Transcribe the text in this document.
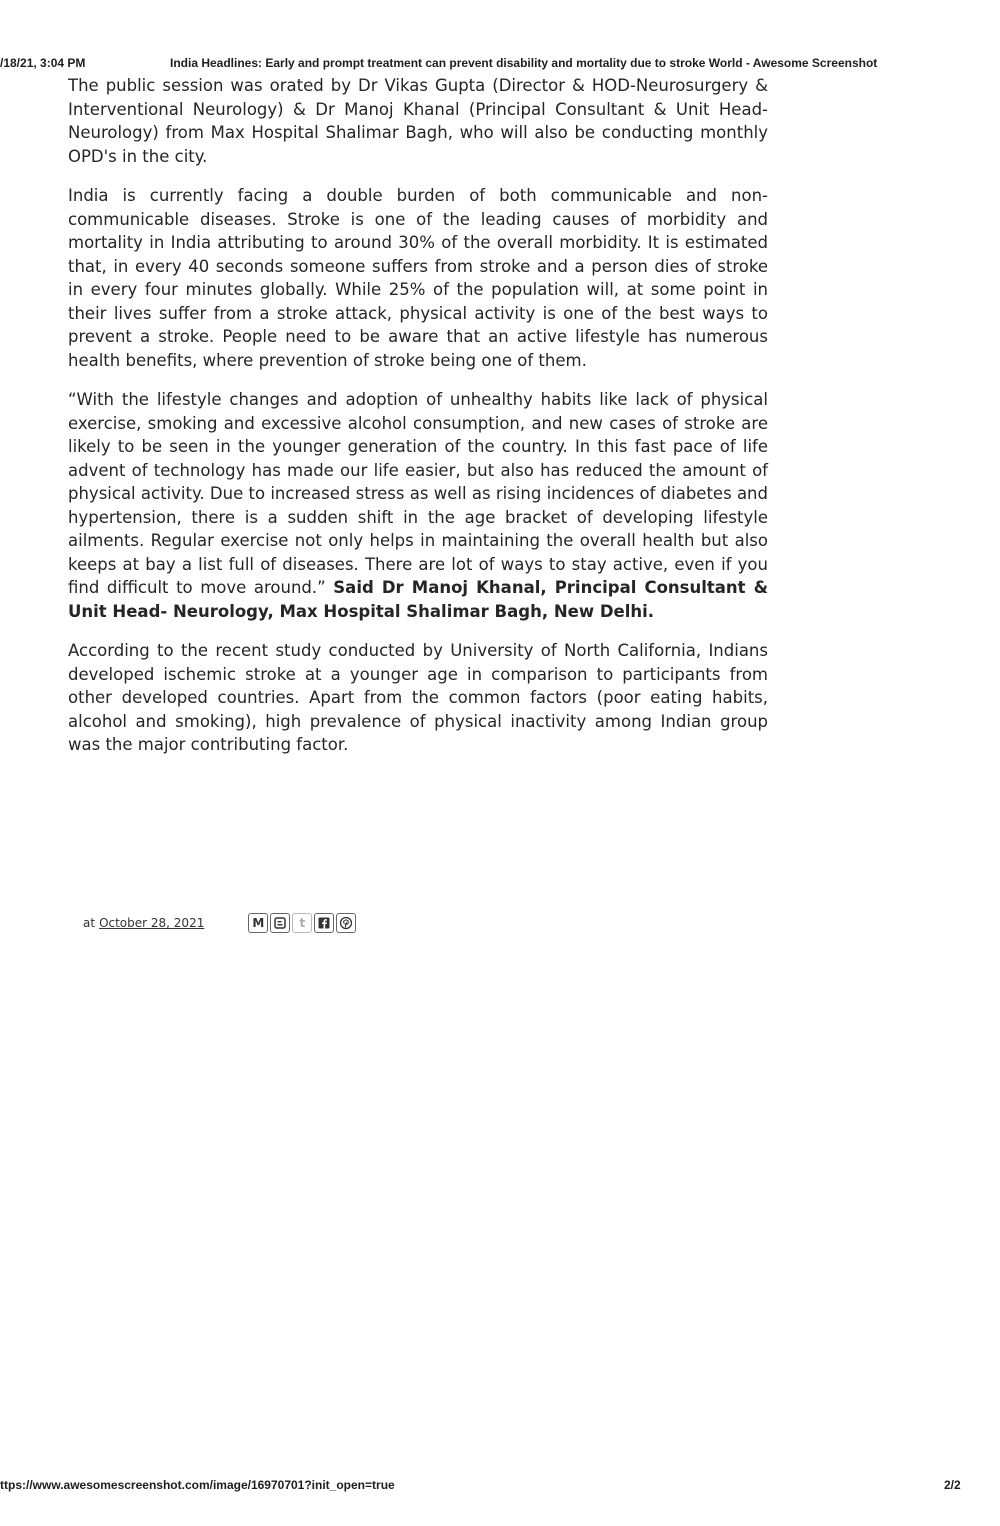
/18/21, 3:04 PM	India Headlines: Early and prompt treatment can prevent disability and mortality due to stroke World - Awesome Screenshot

The public session was orated by Dr Vikas Gupta (Director & HOD-Neurosurgery & Interventional Neurology) & Dr Manoj Khanal (Principal Consultant & Unit Head- Neurology) from Max Hospital Shalimar Bagh, who will also be conducting monthly OPD's in the city.

India is currently facing a double burden of both communicable and non-communicable diseases. Stroke is one of the leading causes of morbidity and mortality in India attributing to around 30% of the overall morbidity. It is estimated that, in every 40 seconds someone suffers from stroke and a person dies of stroke in every four minutes globally. While 25% of the population will, at some point in their lives suffer from a stroke attack, physical activity is one of the best ways to prevent a stroke. People need to be aware that an active lifestyle has numerous health benefits, where prevention of stroke being one of them.

“With the lifestyle changes and adoption of unhealthy habits like lack of physical exercise, smoking and excessive alcohol consumption, and new cases of stroke are likely to be seen in the younger generation of the country. In this fast pace of life advent of technology has made our life easier, but also has reduced the amount of physical activity. Due to increased stress as well as rising incidences of diabetes and hypertension, there is a sudden shift in the age bracket of developing lifestyle ailments. Regular exercise not only helps in maintaining the overall health but also keeps at bay a list full of diseases. There are lot of ways to stay active, even if you find difficult to move around.” Said Dr Manoj Khanal, Principal Consultant & Unit Head- Neurology, Max Hospital Shalimar Bagh, New Delhi.

According to the recent study conducted by University of North California, Indians developed ischemic stroke at a younger age in comparison to participants from other developed countries. Apart from the common factors (poor eating habits, alcohol and smoking), high prevalence of physical inactivity among Indian group was the major contributing factor.

at October 28, 2021	M	t
ttps://www.awesomescreenshot.com/image/16970701?init_open=true	2/2
